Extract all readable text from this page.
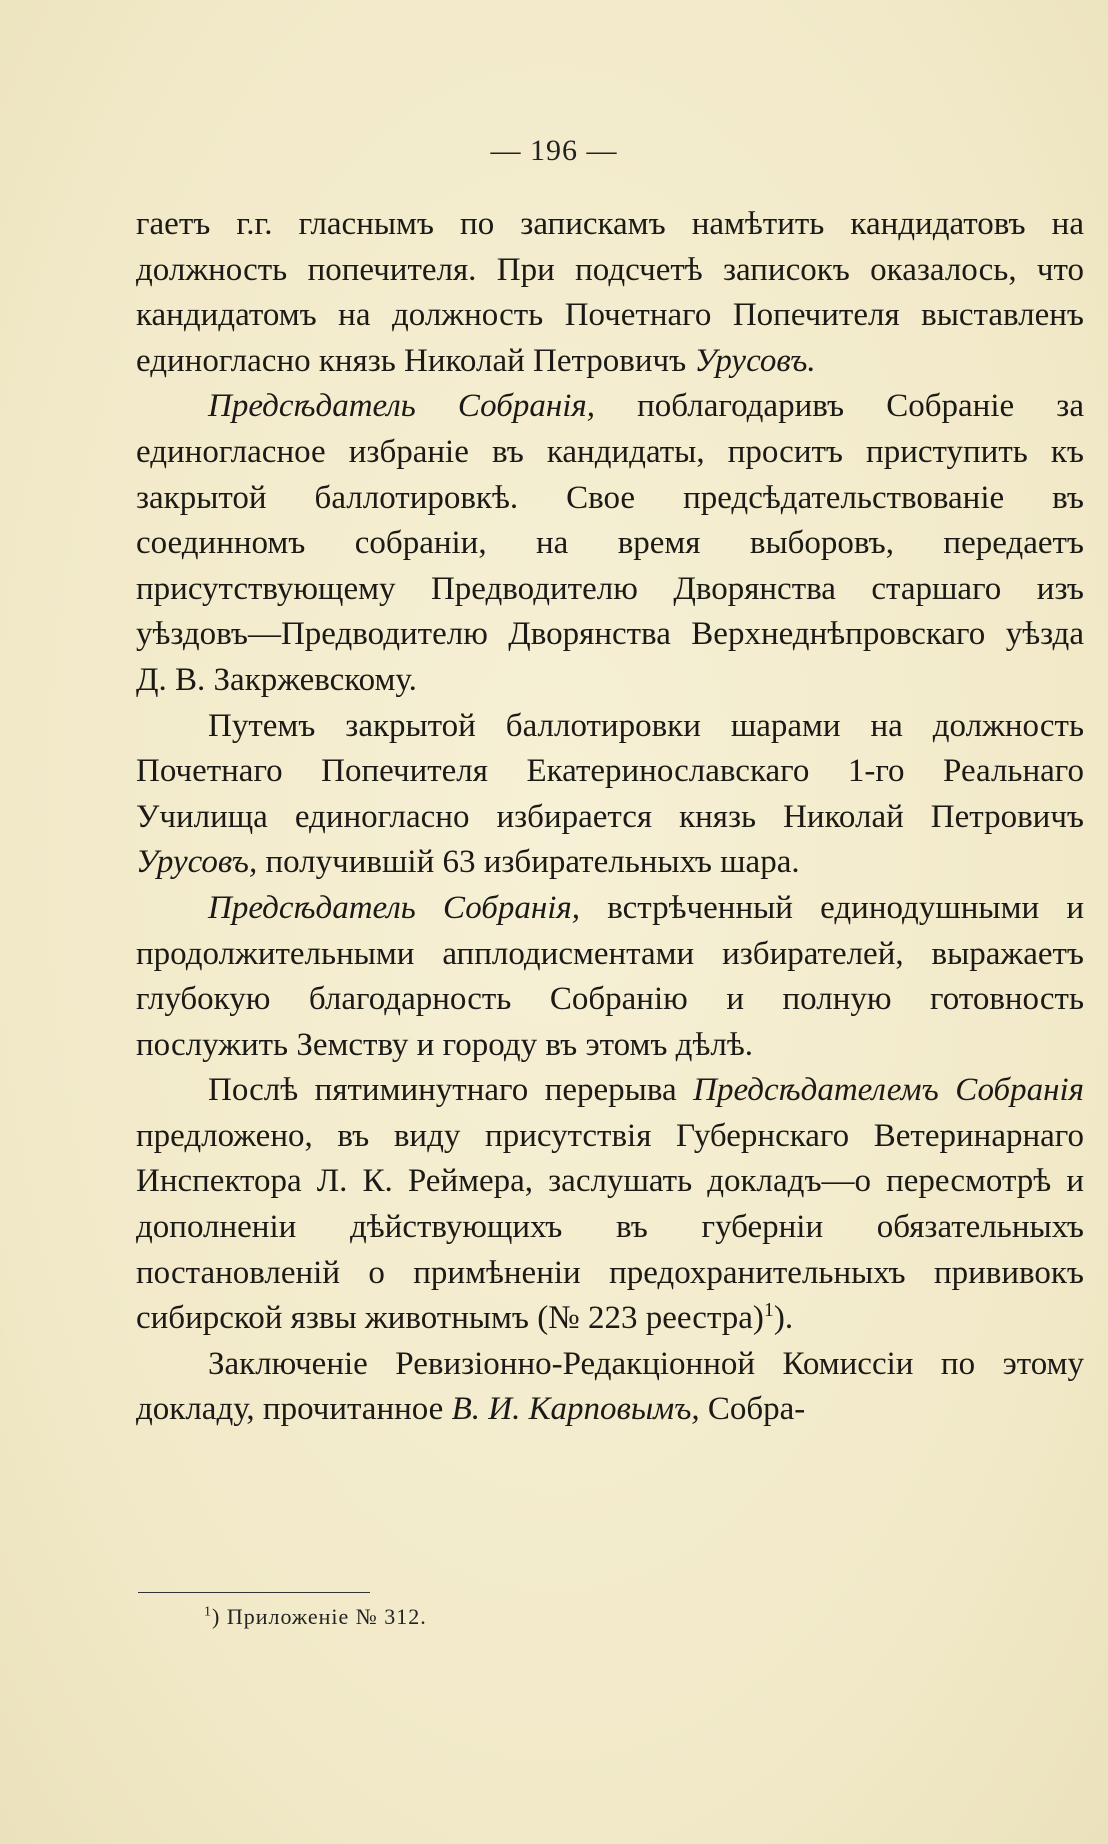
— 196 —

гаетъ г.г. гласнымъ по запискамъ намѣтить кандидатовъ на должность попечителя. При подсчетѣ записокъ оказалось, что кандидатомъ на должность Почетнаго Попечителя выставленъ единогласно князь Николай Петровичъ Урусовъ.

Предсѣдатель Собранія, поблагодаривъ Собраніе за единогласное избраніе въ кандидаты, проситъ приступить къ закрытой баллотировкѣ. Свое предсѣдательствованіе въ соединномъ собраніи, на время выборовъ, передаетъ присутствующему Предводителю Дворянства старшаго изъ уѣздовъ—Предводителю Дворянства Верхнеднѣпровскаго уѣзда Д. В. Закржевскому.

Путемъ закрытой баллотировки шарами на должность Почетнаго Попечителя Екатеринославскаго 1-го Реальнаго Училища единогласно избирается князь Николай Петровичъ Урусовъ, получившій 63 избирательныхъ шара.

Предсѣдатель Собранія, встрѣченный единодушными и продолжительными апплодисментами избирателей, выражаетъ глубокую благодарность Собранію и полную готовность послужить Земству и городу въ этомъ дѣлѣ.

Послѣ пятиминутнаго перерыва Предсѣдателемъ Собранія предложено, въ виду присутствія Губернскаго Ветеринарнаго Инспектора Л. К. Реймера, заслушать докладъ—о пересмотрѣ и дополненіи дѣйствующихъ въ губерніи обязательныхъ постановленій о примѣненіи предохранительныхъ прививокъ сибирской язвы животнымъ (№ 223 реестра)$^1$).

Заключеніе Ревизіонно-Редакціонной Комиссіи по этому докладу, прочитанное В. И. Карповымъ, Собра-

$^1$) Приложеніе № 312.
